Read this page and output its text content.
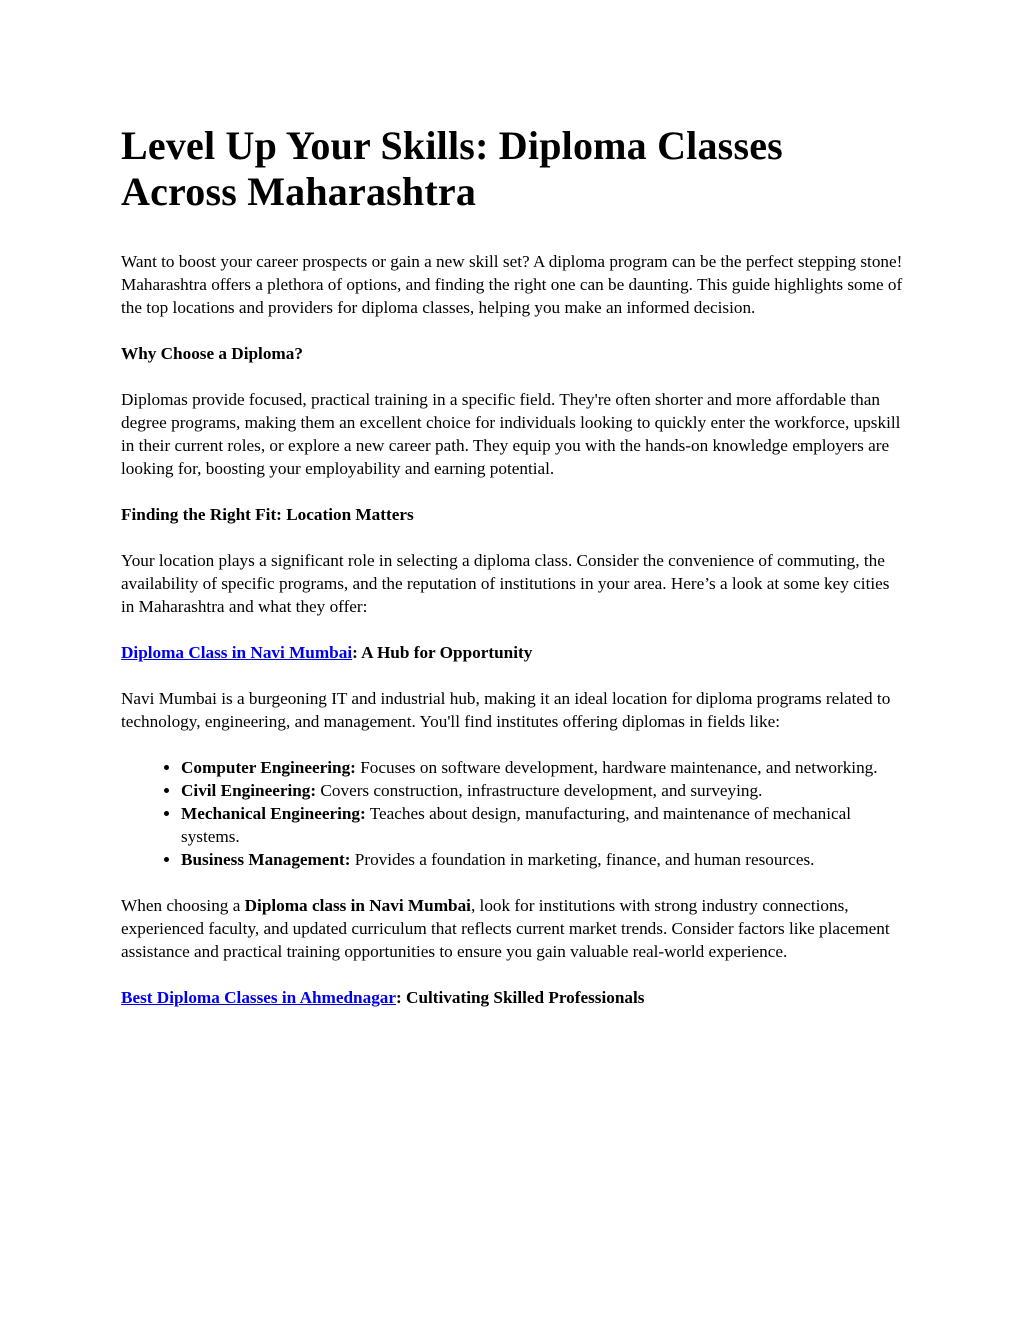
Level Up Your Skills: Diploma Classes Across Maharashtra

Want to boost your career prospects or gain a new skill set? A diploma program can be the perfect stepping stone! Maharashtra offers a plethora of options, and finding the right one can be daunting. This guide highlights some of the top locations and providers for diploma classes, helping you make an informed decision.

Why Choose a Diploma?

Diplomas provide focused, practical training in a specific field. They're often shorter and more affordable than degree programs, making them an excellent choice for individuals looking to quickly enter the workforce, upskill in their current roles, or explore a new career path. They equip you with the hands-on knowledge employers are looking for, boosting your employability and earning potential.

Finding the Right Fit: Location Matters

Your location plays a significant role in selecting a diploma class. Consider the convenience of commuting, the availability of specific programs, and the reputation of institutions in your area. Here’s a look at some key cities in Maharashtra and what they offer:

Diploma Class in Navi Mumbai: A Hub for Opportunity

Navi Mumbai is a burgeoning IT and industrial hub, making it an ideal location for diploma programs related to technology, engineering, and management. You'll find institutes offering diplomas in fields like:

• Computer Engineering: Focuses on software development, hardware maintenance, and networking.
• Civil Engineering: Covers construction, infrastructure development, and surveying.
• Mechanical Engineering: Teaches about design, manufacturing, and maintenance of mechanical systems.
• Business Management: Provides a foundation in marketing, finance, and human resources.

When choosing a Diploma class in Navi Mumbai, look for institutions with strong industry connections, experienced faculty, and updated curriculum that reflects current market trends. Consider factors like placement assistance and practical training opportunities to ensure you gain valuable real-world experience.

Best Diploma Classes in Ahmednagar: Cultivating Skilled Professionals
